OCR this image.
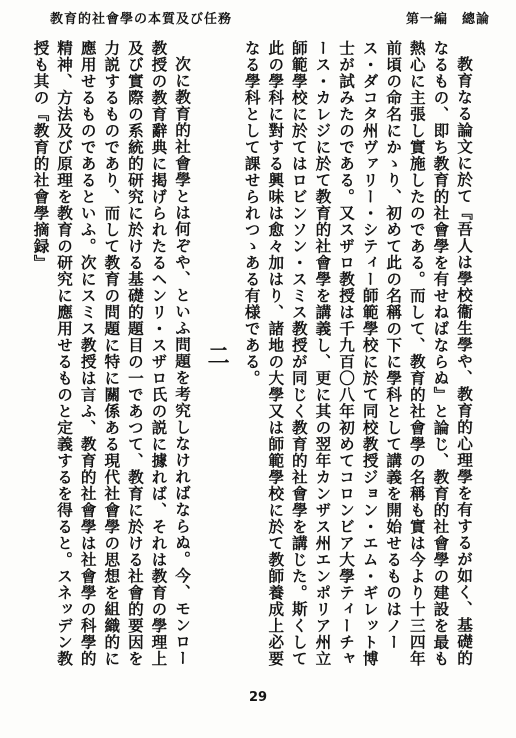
教育的社會學の本質及び任務	第一編　總論

教育なる論文に於て『吾人は學校衞生學や、教育的心理學を有するが如く、基礎的なるもの、即ち教育的社會學を有せねばならぬ』と論じ、教育的社會學の建設を最も熱心に主張し實施したのである。而して、教育的社會學の名稱も實は今より十三四年前頃の命名にかゝり、初めて此の名稱の下に學科として講義を開始せるものはノース・ダコタ州ヴァリー・シティー師範學校に於て同校教授ジョン・エム・ギレット博士が試みたのである。又スザロ教授は千九百〇八年初めてコロンビア大學ティーチャース・カレジに於て教育的社會學を講義し、更に其の翌年カンザス州エンポリア州立師範學校に於てはロビンソン・スミス教授が同じく教育的社會學を講じた。斯くして此の學科に對する興味は愈々加はり、諸地の大學又は師範學校に於て教師養成上必要なる學科として課せられつゝある有様である。

二

次に教育的社會學とは何ぞや、といふ問題を考究しなければならぬ。今、モンロー教授の教育辭典に掲げられたるヘンリ・スザロ氏の説に據れば、それは教育の學理上及び實際の系統的研究に於ける基礎的題目の一であつて、教育に於ける社會的要因を力説するものであり、而して教育の問題に特に關係ある現代社會學の思想を組織的に應用せるものであるといふ。次にスミス教授は言ふ、教育的社會學は社會學の科學的精神、方法及び原理を教育の研究に應用せるものと定義するを得ると。スネッデン教授も其の『教育的社會學摘録』

29
